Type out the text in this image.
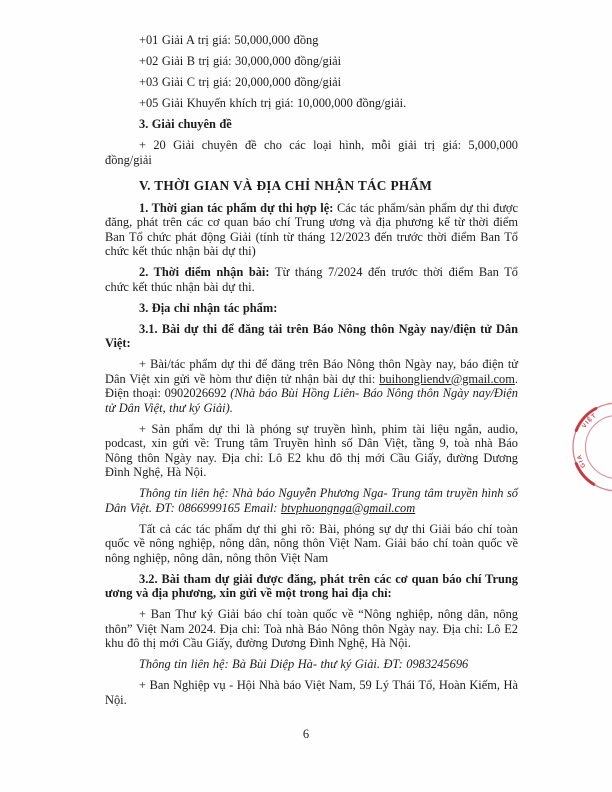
+01 Giải A trị giá: 50,000,000 đồng

+02 Giải B trị giá: 30,000,000 đồng/giải

+03 Giải C trị giá: 20,000,000 đồng/giải

+05 Giải Khuyến khích trị giá: 10,000,000 đồng/giải.

3. Giải chuyên đề

+ 20 Giải chuyên đề cho các loại hình, mỗi giải trị giá: 5,000,000 đồng/giải

V. THỜI GIAN VÀ ĐỊA CHỈ NHẬN TÁC PHẨM

1. Thời gian tác phẩm dự thi hợp lệ: Các tác phẩm/sản phẩm dự thi được đăng, phát trên các cơ quan báo chí Trung ương và địa phương kể từ thời điểm Ban Tổ chức phát động Giải (tính từ tháng 12/2023 đến trước thời điểm Ban Tổ chức kết thúc nhận bài dự thi)

2. Thời điểm nhận bài: Từ tháng 7/2024 đến trước thời điểm Ban Tổ chức kết thúc nhận bài dự thi.

3. Địa chỉ nhận tác phẩm:

3.1. Bài dự thi để đăng tải trên Báo Nông thôn Ngày nay/điện tử Dân Việt:

+ Bài/tác phẩm dự thi để đăng trên Báo Nông thôn Ngày nay, báo điện tử Dân Việt xin gửi về hòm thư điện tử nhận bài dự thi: buihongliendv@gmail.com. Điện thoại: 0902026692 (Nhà báo Bùi Hồng Liên- Báo Nông thôn Ngày nay/Điện tử Dân Việt, thư ký Giải).

+ Sản phẩm dự thi là phóng sự truyền hình, phim tài liệu ngắn, audio, podcast, xin gửi về: Trung tâm Truyền hình số Dân Việt, tầng 9, toà nhà Báo Nông thôn Ngày nay. Địa chỉ: Lô E2 khu đô thị mới Cầu Giấy, đường Dương Đình Nghệ, Hà Nội.

Thông tin liên hệ: Nhà báo Nguyễn Phương Nga- Trung tâm truyền hình số Dân Việt. ĐT: 0866999165 Email: btvphuongnga@gmail.com

Tất cả các tác phẩm dự thi ghi rõ: Bài, phóng sự dự thi Giải báo chí toàn quốc về nông nghiệp, nông dân, nông thôn Việt Nam. Giải báo chí toàn quốc về nông nghiệp, nông dân, nông thôn Việt Nam

3.2. Bài tham dự giải được đăng, phát trên các cơ quan báo chí Trung ương và địa phương, xin gửi về một trong hai địa chỉ:

+ Ban Thư ký Giải báo chí toàn quốc về “Nông nghiệp, nông dân, nông thôn” Việt Nam 2024. Địa chỉ: Toà nhà Báo Nông thôn Ngày nay. Địa chỉ: Lô E2 khu đô thị mới Cầu Giấy, đường Dương Đình Nghệ, Hà Nội.

Thông tin liên hệ: Bà Bùi Diệp Hà- thư ký Giải. ĐT: 0983245696

+ Ban Nghiệp vụ - Hội Nhà báo Việt Nam, 59 Lý Thái Tổ, Hoàn Kiếm, Hà Nội.

6
GIA
VIỆT
